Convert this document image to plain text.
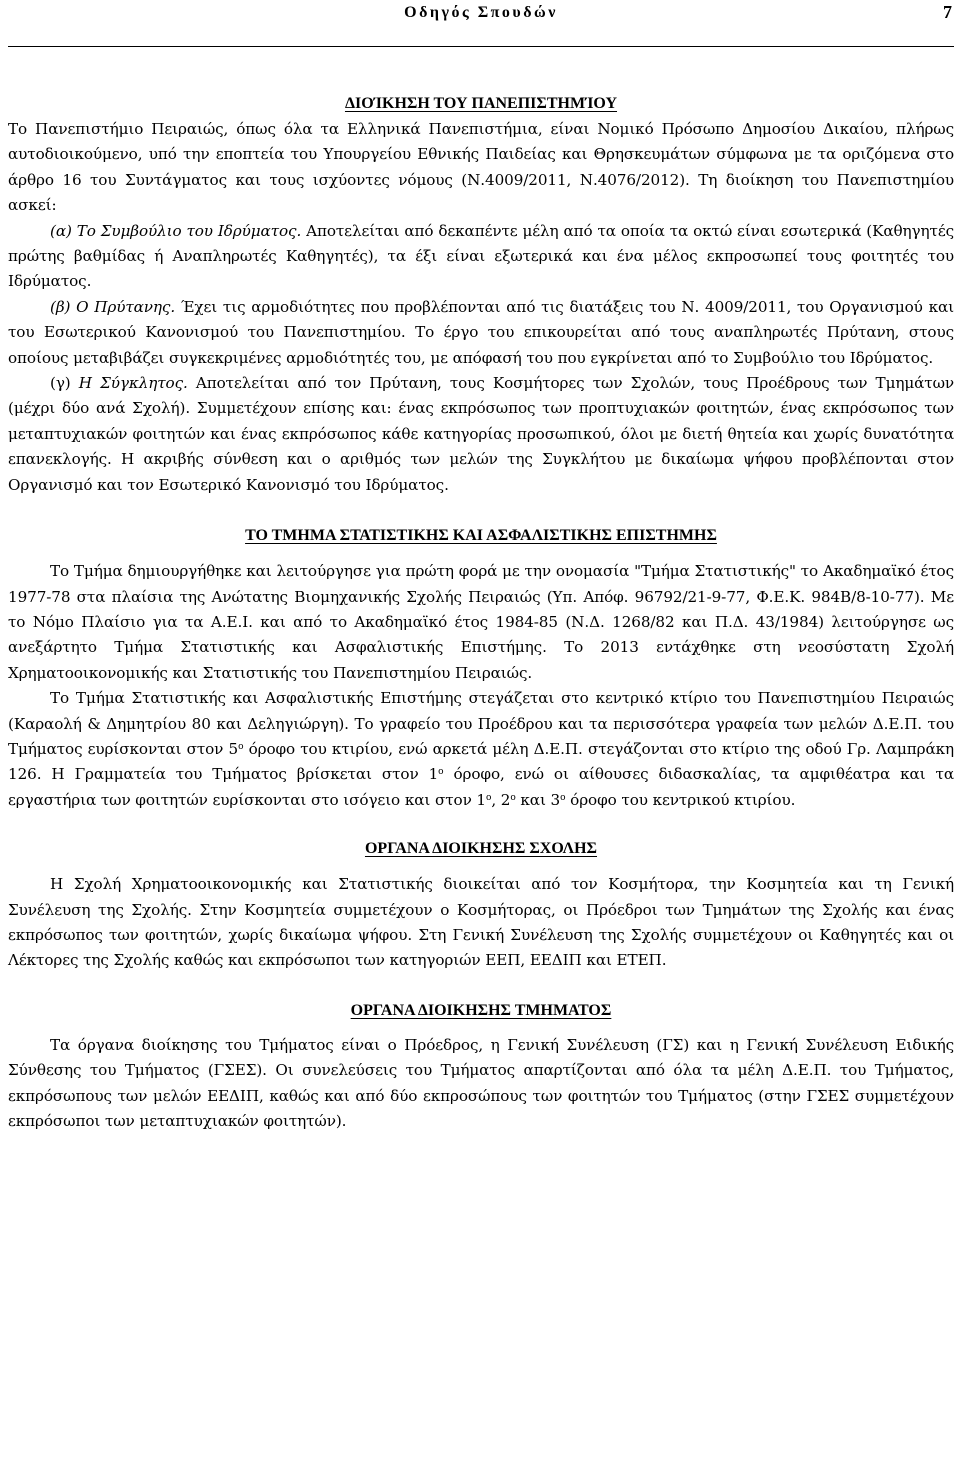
Οδηγός Σπουδών	7
ΔΙΟΊΚΗΣΗ ΤΟΥ ΠΑΝΕΠΙΣΤΗΜΊΟΥ

Το Πανεπιστήμιο Πειραιώς, όπως όλα τα Ελληνικά Πανεπιστήμια, είναι Νομικό Πρόσωπο Δημοσίου Δικαίου, πλήρως αυτοδιοικούμενο, υπό την εποπτεία του Υπουργείου Εθνικής Παιδείας και Θρησκευμάτων σύμφωνα με τα οριζόμενα στο άρθρο 16 του Συντάγματος και τους ισχύοντες νόμους (Ν.4009/2011, Ν.4076/2012). Τη διοίκηση του Πανεπιστημίου ασκεί:

(α) Το Συμβούλιο του Ιδρύματος. Αποτελείται από δεκαπέντε μέλη από τα οποία τα οκτώ είναι εσωτερικά (Καθηγητές πρώτης βαθμίδας ή Αναπληρωτές Καθηγητές), τα έξι είναι εξωτερικά και ένα μέλος εκπροσωπεί τους φοιτητές του Ιδρύματος.

(β) Ο Πρύτανης. Έχει τις αρμοδιότητες που προβλέπονται από τις διατάξεις του Ν. 4009/2011, του Οργανισμού και του Εσωτερικού Κανονισμού του Πανεπιστημίου. Το έργο του επικουρείται από τους αναπληρωτές Πρύτανη, στους οποίους μεταβιβάζει συγκεκριμένες αρμοδιότητές του, με απόφασή του που εγκρίνεται από το Συμβούλιο του Ιδρύματος.

(γ) Η Σύγκλητος. Αποτελείται από τον Πρύτανη, τους Κοσμήτορες των Σχολών, τους Προέδρους των Τμημάτων (μέχρι δύο ανά Σχολή). Συμμετέχουν επίσης και: ένας εκπρόσωπος των προπτυχιακών φοιτητών, ένας εκπρόσωπος των μεταπτυχιακών φοιτητών και ένας εκπρόσωπος κάθε κατηγορίας προσωπικού, όλοι με διετή θητεία και χωρίς δυνατότητα επανεκλογής. Η ακριβής σύνθεση και ο αριθμός των μελών της Συγκλήτου με δικαίωμα ψήφου προβλέπονται στον Οργανισμό και τον Εσωτερικό Κανονισμό του Ιδρύματος.

ΤΟ ΤΜΗΜΑ ΣΤΑΤΙΣΤΙΚΗΣ ΚΑΙ ΑΣΦΑΛΙΣΤΙΚΗΣ ΕΠΙΣΤΗΜΗΣ

Το Τμήμα δημιουργήθηκε και λειτούργησε για πρώτη φορά με την ονομασία "Τμήμα Στατιστικής" το Ακαδημαϊκό έτος 1977-78 στα πλαίσια της Ανώτατης Βιομηχανικής Σχολής Πειραιώς (Υπ. Απόφ. 96792/21-9-77, Φ.Ε.Κ. 984Β/8-10-77). Με το Νόμο Πλαίσιο για τα Α.Ε.Ι. και από το Ακαδημαϊκό έτος 1984-85 (Ν.Δ. 1268/82 και Π.Δ. 43/1984) λειτούργησε ως ανεξάρτητο Τμήμα Στατιστικής και Ασφαλιστικής Επιστήμης. Το 2013 εντάχθηκε στη νεοσύστατη Σχολή Χρηματοοικονομικής και Στατιστικής του Πανεπιστημίου Πειραιώς.

Το Τμήμα Στατιστικής και Ασφαλιστικής Επιστήμης στεγάζεται στο κεντρικό κτίριο του Πανεπιστημίου Πειραιώς (Καραολή & Δημητρίου 80 και Δεληγιώργη). Το γραφείο του Προέδρου και τα περισσότερα γραφεία των μελών Δ.Ε.Π. του Τμήματος ευρίσκονται στον $5^o$ όροφο του κτιρίου, ενώ αρκετά μέλη Δ.Ε.Π. στεγάζονται στο κτίριο της οδού Γρ. Λαμπράκη 126. Η Γραμματεία του Τμήματος βρίσκεται στον $1^o$ όροφο, ενώ οι αίθουσες διδασκαλίας, τα αμφιθέατρα και τα εργαστήρια των φοιτητών ευρίσκονται στο ισόγειο και στον $1^o$, $2^o$ και $3^o$ όροφο του κεντρικού κτιρίου.

ΟΡΓΑΝΑ ΔΙΟΙΚΗΣΗΣ ΣΧΟΛΗΣ

Η Σχολή Χρηματοοικονομικής και Στατιστικής διοικείται από τον Κοσμήτορα, την Κοσμητεία και τη Γενική Συνέλευση της Σχολής. Στην Κοσμητεία συμμετέχουν ο Κοσμήτορας, οι Πρόεδροι των Τμημάτων της Σχολής και ένας εκπρόσωπος των φοιτητών, χωρίς δικαίωμα ψήφου. Στη Γενική Συνέλευση της Σχολής συμμετέχουν οι Καθηγητές και οι Λέκτορες της Σχολής καθώς και εκπρόσωποι των κατηγοριών ΕΕΠ, ΕΕΔΙΠ και ΕΤΕΠ.

ΟΡΓΑΝΑ ΔΙΟΙΚΗΣΗΣ ΤΜΗΜΑΤΟΣ

Τα όργανα διοίκησης του Τμήματος είναι ο Πρόεδρος, η Γενική Συνέλευση (ΓΣ) και η Γενική Συνέλευση Ειδικής Σύνθεσης του Τμήματος (ΓΣΕΣ). Οι συνελεύσεις του Τμήματος απαρτίζονται από όλα τα μέλη Δ.Ε.Π. του Τμήματος, εκπρόσωπους των μελών ΕΕΔΙΠ, καθώς και από δύο εκπροσώπους των φοιτητών του Τμήματος (στην ΓΣΕΣ συμμετέχουν εκπρόσωποι των μεταπτυχιακών φοιτητών).
